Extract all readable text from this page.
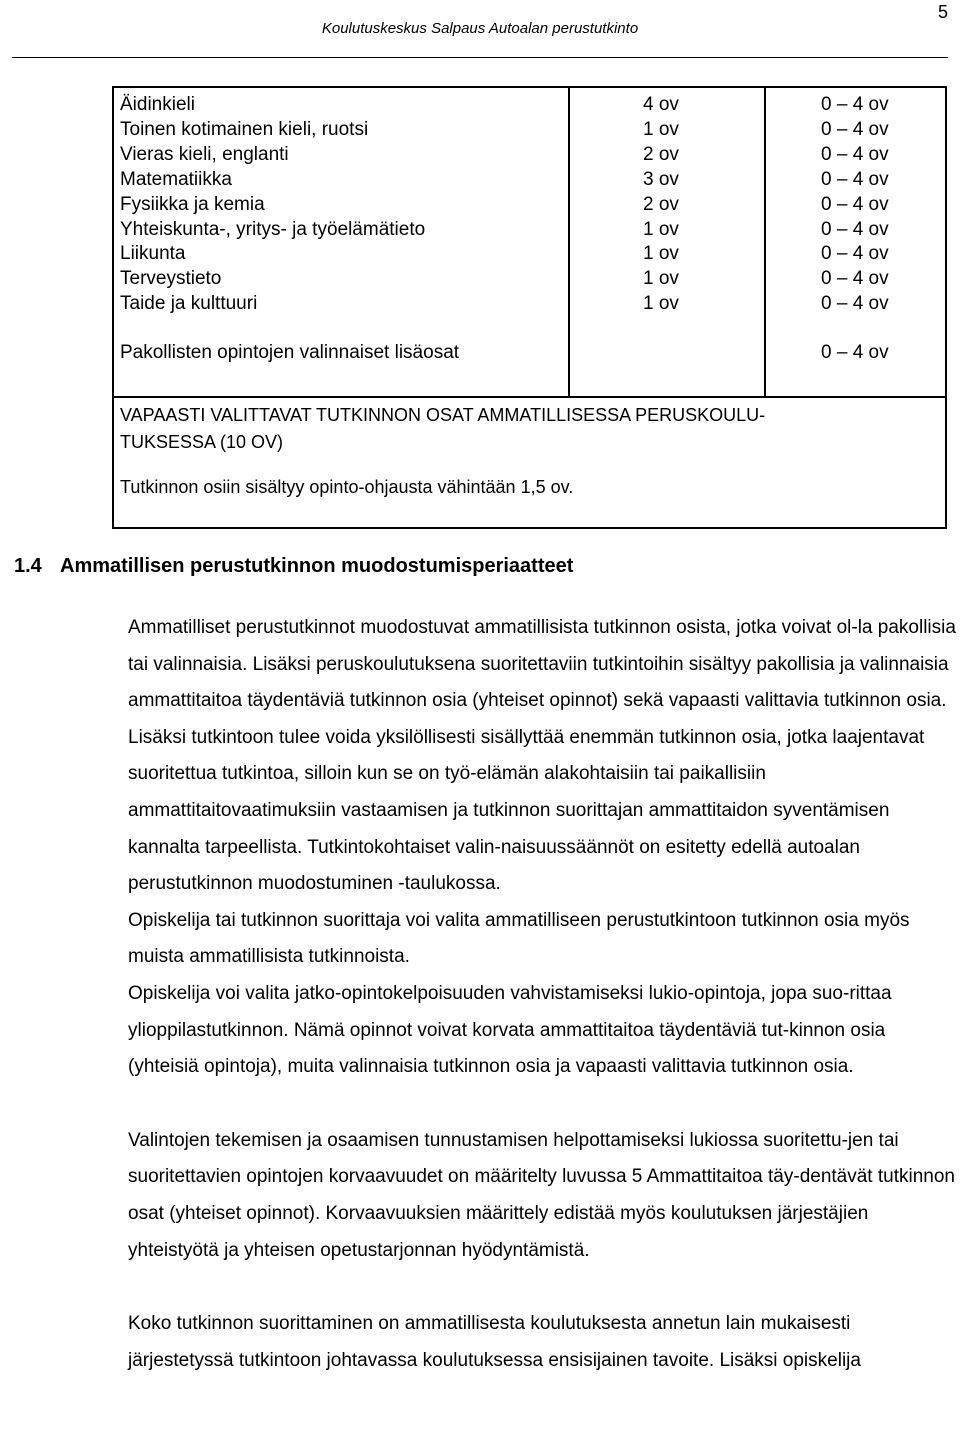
5
Koulutuskeskus Salpaus Autoalan perustutkinto
Äidinkieli
Toinen kotimainen kieli, ruotsi
Vieras kieli, englanti
Matematiikka
Fysiikka ja kemia
Yhteiskunta-, yritys- ja työelämätieto
Liikunta
Terveystieto
Taide ja kulttuuri
4 ov
1 ov
2 ov
3 ov
2 ov
1 ov
1 ov
1 ov
1 ov
0 – 4 ov
0 – 4 ov
0 – 4 ov
0 – 4 ov
0 – 4 ov
0 – 4 ov
0 – 4 ov
0 – 4 ov
0 – 4 ov
Pakollisten opintojen valinnaiset lisäosat	0 – 4 ov
VAPAASTI VALITTAVAT TUTKINNON OSAT AMMATILLISESSA PERUSKOULU-
TUKSESSA (10 OV)
Tutkinnon osiin sisältyy opinto-ohjausta vähintään 1,5 ov.
1.4 Ammatillisen perustutkinnon muodostumisperiaatteet

Ammatilliset perustutkinnot muodostuvat ammatillisista tutkinnon osista, jotka voivat ol-la pakollisia tai valinnaisia. Lisäksi peruskoulutuksena suoritettaviin tutkintoihin sisältyy pakollisia ja valinnaisia ammattitaitoa täydentäviä tutkinnon osia (yhteiset opinnot) sekä vapaasti valittavia tutkinnon osia. Lisäksi tutkintoon tulee voida yksilöllisesti sisällyttää enemmän tutkinnon osia, jotka laajentavat suoritettua tutkintoa, silloin kun se on työ-elämän alakohtaisiin tai paikallisiin ammattitaitovaatimuksiin vastaamisen ja tutkinnon suorittajan ammattitaidon syventämisen kannalta tarpeellista. Tutkintokohtaiset valin-naisuussäännöt on esitetty edellä autoalan perustutkinnon muodostuminen -taulukossa.

Opiskelija tai tutkinnon suorittaja voi valita ammatilliseen perustutkintoon tutkinnon osia myös muista ammatillisista tutkinnoista.

Opiskelija voi valita jatko-opintokelpoisuuden vahvistamiseksi lukio-opintoja, jopa suo-rittaa ylioppilastutkinnon. Nämä opinnot voivat korvata ammattitaitoa täydentäviä tut-kinnon osia (yhteisiä opintoja), muita valinnaisia tutkinnon osia ja vapaasti valittavia tutkinnon osia.

Valintojen tekemisen ja osaamisen tunnustamisen helpottamiseksi lukiossa suoritettu-jen tai suoritettavien opintojen korvaavuudet on määritelty luvussa 5 Ammattitaitoa täy-dentävät tutkinnon osat (yhteiset opinnot). Korvaavuuksien määrittely edistää myös koulutuksen järjestäjien yhteistyötä ja yhteisen opetustarjonnan hyödyntämistä.

Koko tutkinnon suorittaminen on ammatillisesta koulutuksesta annetun lain mukaisesti järjestetyssä tutkintoon johtavassa koulutuksessa ensisijainen tavoite. Lisäksi opiskelija
